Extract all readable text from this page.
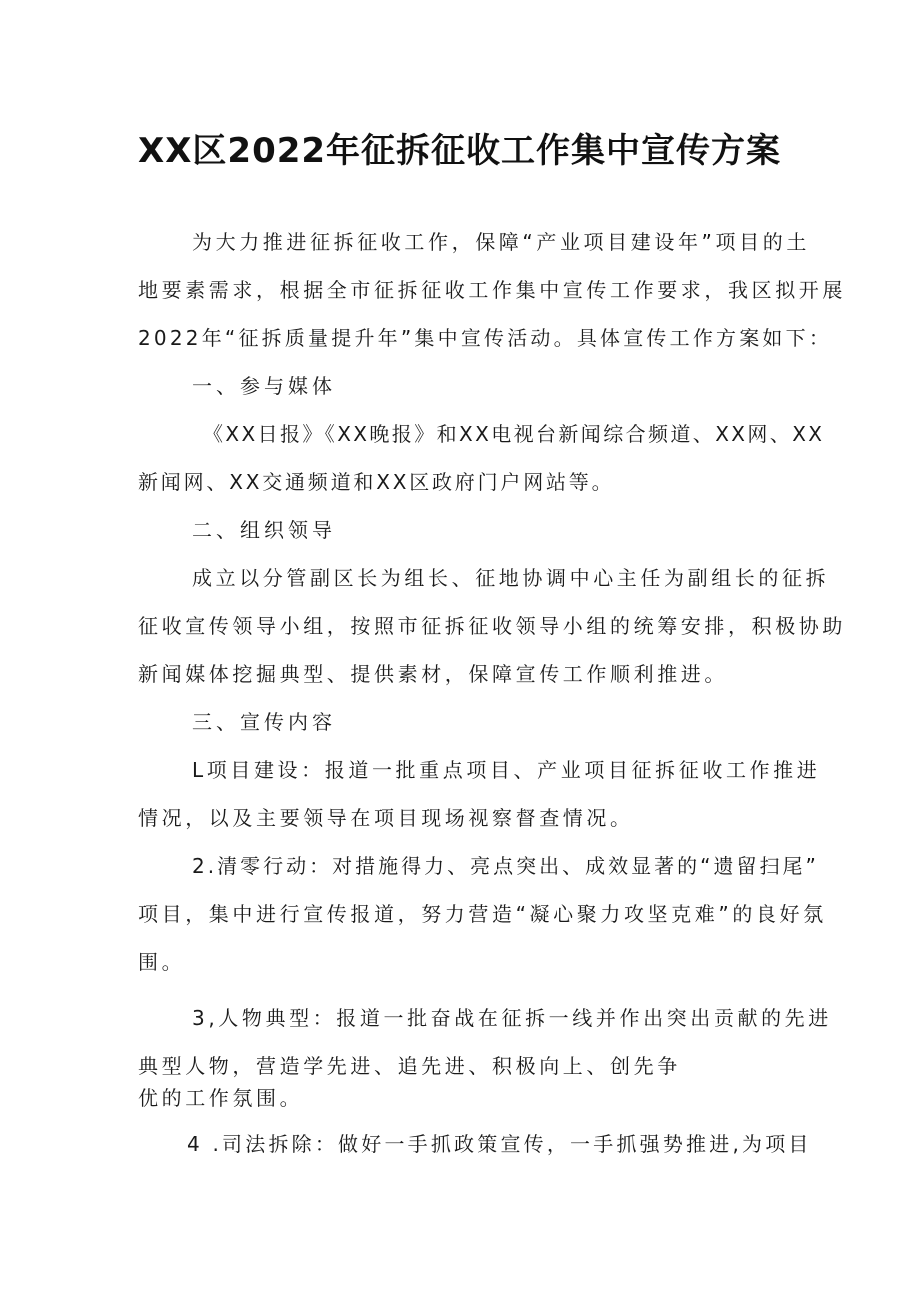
XX区2022年征拆征收工作集中宣传方案
为大力推进征拆征收工作，保障“产业项目建设年”项目的土
地要素需求，根据全市征拆征收工作集中宣传工作要求，我区拟开展
2022年“征拆质量提升年”集中宣传活动。具体宣传工作方案如下：
一、参与媒体
《XX日报》《XX晚报》和XX电视台新闻综合频道、XX网、XX
新闻网、XX交通频道和XX区政府门户网站等。
二、组织领导
成立以分管副区长为组长、征地协调中心主任为副组长的征拆
征收宣传领导小组，按照市征拆征收领导小组的统筹安排，积极协助
新闻媒体挖掘典型、提供素材，保障宣传工作顺利推进。
三、宣传内容
L项目建设：报道一批重点项目、产业项目征拆征收工作推进
情况，以及主要领导在项目现场视察督查情况。
2.清零行动：对措施得力、亮点突出、成效显著的“遗留扫尾”
项目，集中进行宣传报道，努力营造“凝心聚力攻坚克难”的良好氛
围。
3,人物典型：报道一批奋战在征拆一线并作出突出贡献的先进
典型人物，营造学先进、追先进、积极向上、创先争
优的工作氛围。
4 .司法拆除：做好一手抓政策宣传，一手抓强势推进,为项目
